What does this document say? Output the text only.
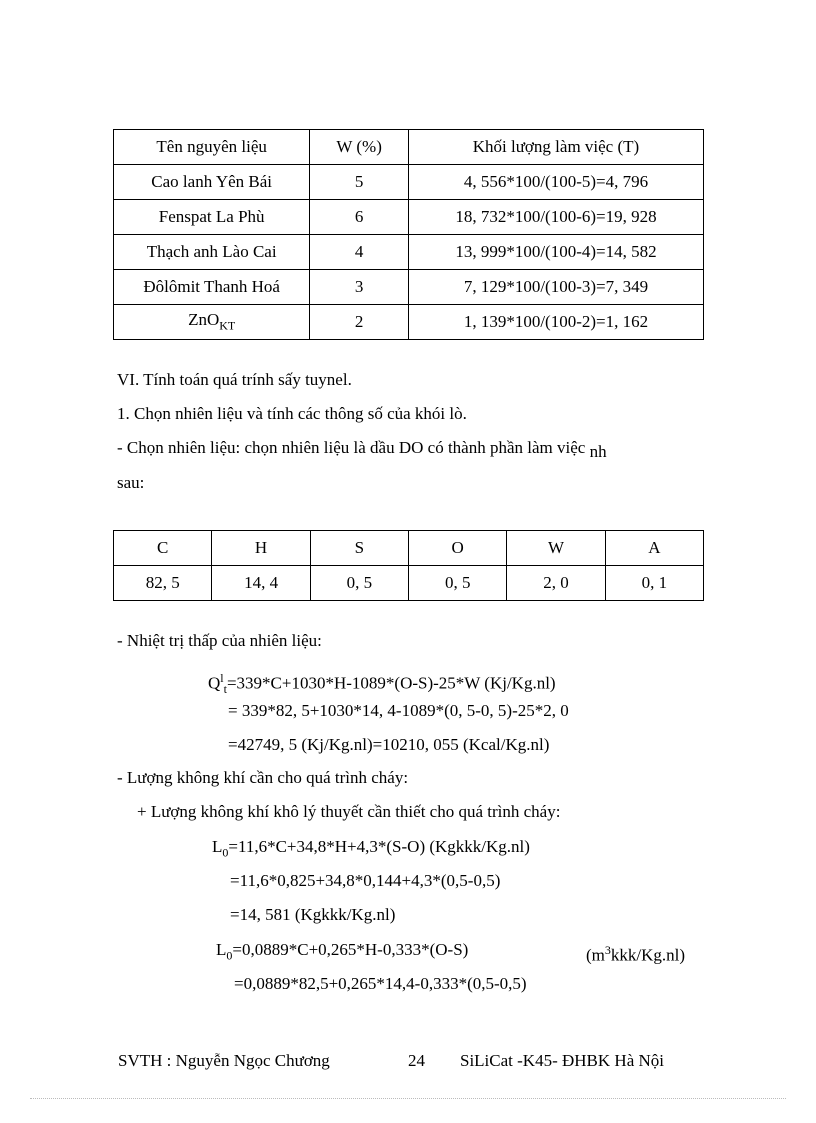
Tên nguyên liệu	W (%)	Khối lượng làm việc (T)
Cao lanh Yên Bái	5	4, 556*100/(100-5)=4, 796
Fenspat La Phù	6	18, 732*100/(100-6)=19, 928
Thạch anh Lào Cai	4	13, 999*100/(100-4)=14, 582
Đôlômit Thanh Hoá	3	7, 129*100/(100-3)=7, 349
ZnO$_{KT}$	2	1, 139*100/(100-2)=1, 162
VI. Tính toán quá trính sấy tuynel.
1. Chọn nhiên liệu và tính các thông số của khói lò.
- Chọn nhiên liệu: chọn nhiên liệu là dầu DO có thành phần làm việc nh
sau:
C	H	S	O	W	A
82, 5	14, 4	0, 5	0, 5	2, 0	0, 1
- Nhiệt trị thấp của nhiên liệu:
$Q^l_t=339*C+1030*H-1089*(O-S)-25*W$ (Kj/Kg.nl)
= 339*82, 5+1030*14, 4-1089*(0, 5-0, 5)-25*2, 0
=42749, 5 (Kj/Kg.nl)=10210, 055 (Kcal/Kg.nl)
- Lượng không khí cần cho quá trình cháy:
+ Lượng không khí khô lý thuyết cần thiết cho quá trình cháy:
$L_0=11,6*C+34,8*H+4,3*(S-O)$ (Kgkkk/Kg.nl)
=11,6*0,825+34,8*0,144+4,3*(0,5-0,5)
=14, 581 (Kgkkk/Kg.nl)
$L_0=0,0889*C+0,265*H-0,333*(O-S)$	$(m^3kkk/Kg.nl)$
=0,0889*82,5+0,265*14,4-0,333*(0,5-0,5)
SVTH : Nguyễn Ngọc Chương	24 SiLiCat -K45- ĐHBK Hà Nội
